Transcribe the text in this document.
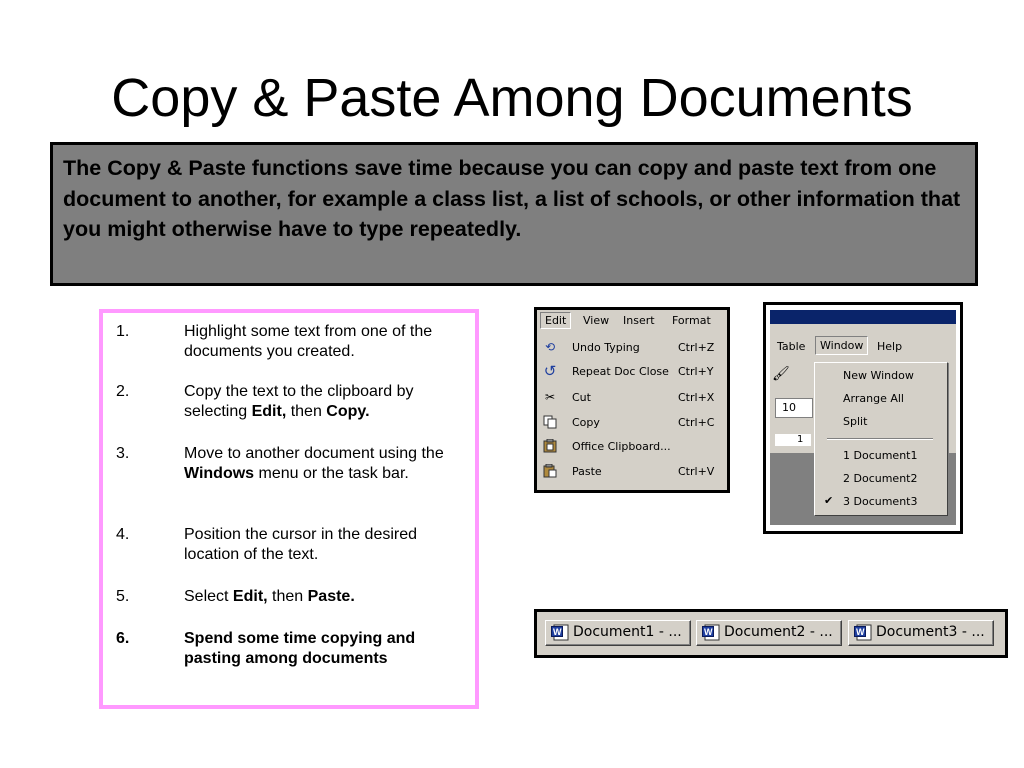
Copy & Paste Among Documents
The Copy & Paste functions save time because you can copy and paste text from one document to another, for example a class list, a list of schools, or other information that you might otherwise have to type repeatedly.
1.	Highlight some text from one of the documents you created.
2.	Copy the text to the clipboard by selecting Edit, then Copy.
3.	Move to another document using the Windows menu or the task bar.
4.	Position the cursor in the desired location of the text.
5.	Select Edit, then Paste.
6.	Spend some time copying and pasting among documents
Edit	View Insert Format
⟲ Undo Typing	Ctrl+Z
↺ Repeat Doc Close Ctrl+Y
✂ Cut	Ctrl+X
Copy	Ctrl+C
Office Clipboard...
Paste	Ctrl+V
Table	Window	Help
🖌
10
1
New Window
Arrange All
Split
1 Document1
2 Document2
✔ 3 Document3
W Document1 - ... W Document2 - ...	W Document3 - ...
